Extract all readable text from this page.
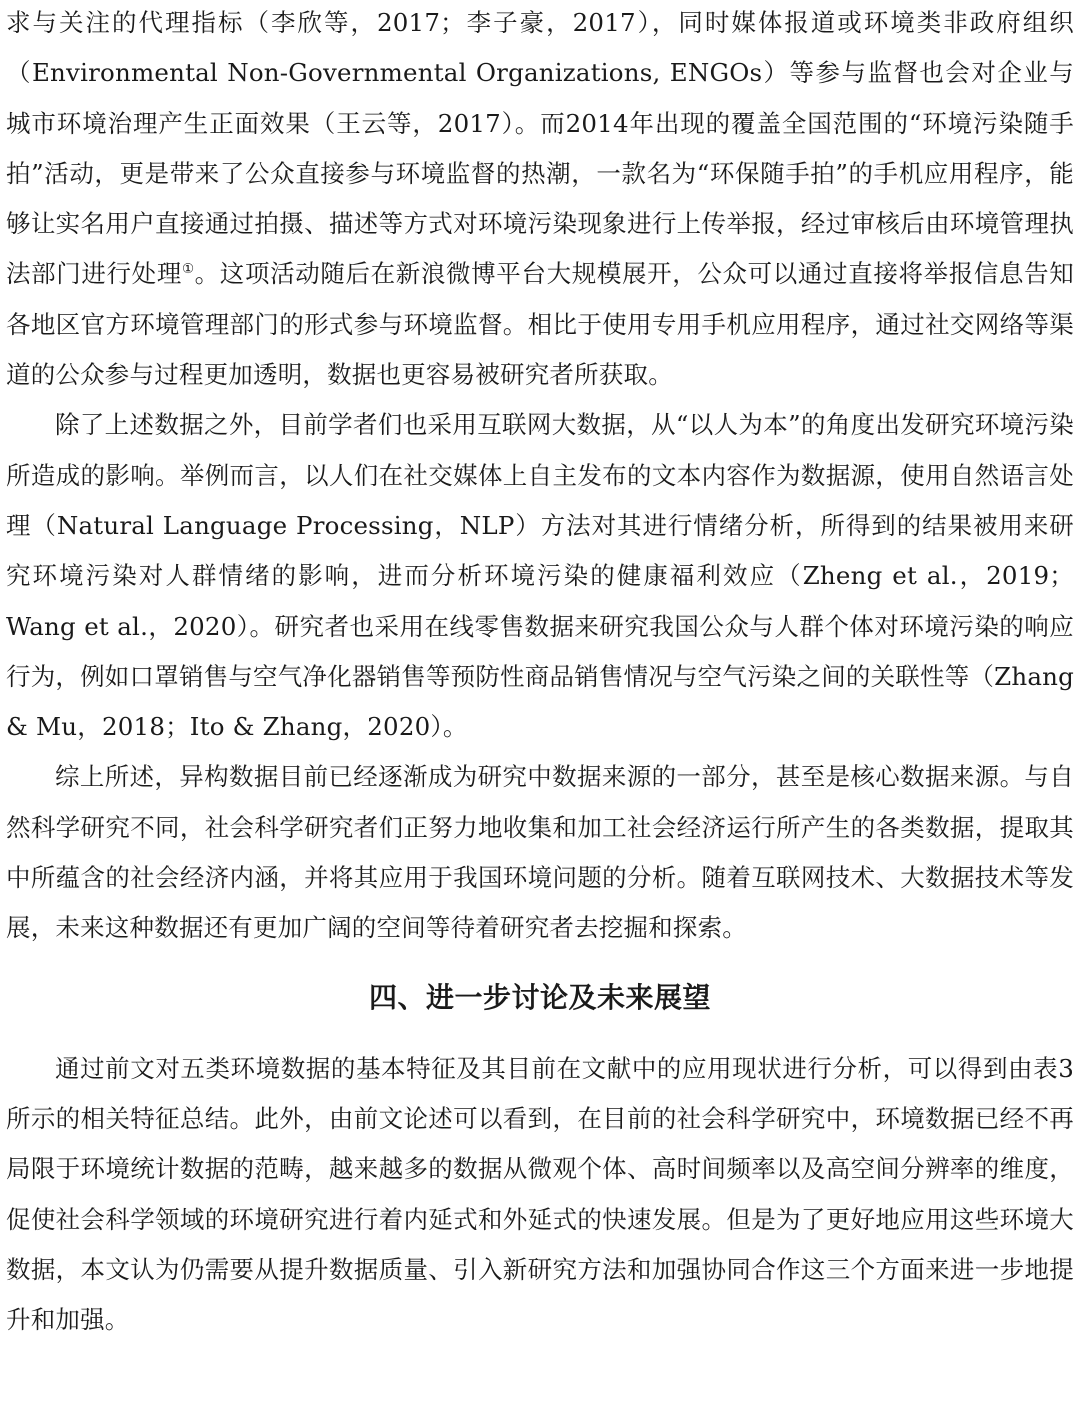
求与关注的代理指标（李欣等，2017；李子豪，2017），同时媒体报道或环境类非政府组织（Environmental Non-Governmental Organizations, ENGOs）等参与监督也会对企业与城市环境治理产生正面效果（王云等，2017）。而2014年出现的覆盖全国范围的“环境污染随手拍”活动，更是带来了公众直接参与环境监督的热潮，一款名为“环保随手拍”的手机应用程序，能够让实名用户直接通过拍摄、描述等方式对环境污染现象进行上传举报，经过审核后由环境管理执法部门进行处理①。这项活动随后在新浪微博平台大规模展开，公众可以通过直接将举报信息告知各地区官方环境管理部门的形式参与环境监督。相比于使用专用手机应用程序，通过社交网络等渠道的公众参与过程更加透明，数据也更容易被研究者所获取。

除了上述数据之外，目前学者们也采用互联网大数据，从“以人为本”的角度出发研究环境污染所造成的影响。举例而言，以人们在社交媒体上自主发布的文本内容作为数据源，使用自然语言处理（Natural Language Processing，NLP）方法对其进行情绪分析，所得到的结果被用来研究环境污染对人群情绪的影响，进而分析环境污染的健康福利效应（Zheng et al.，2019；Wang et al.，2020）。研究者也采用在线零售数据来研究我国公众与人群个体对环境污染的响应行为，例如口罩销售与空气净化器销售等预防性商品销售情况与空气污染之间的关联性等（Zhang & Mu，2018；Ito & Zhang，2020）。

综上所述，异构数据目前已经逐渐成为研究中数据来源的一部分，甚至是核心数据来源。与自然科学研究不同，社会科学研究者们正努力地收集和加工社会经济运行所产生的各类数据，提取其中所蕴含的社会经济内涵，并将其应用于我国环境问题的分析。随着互联网技术、大数据技术等发展，未来这种数据还有更加广阔的空间等待着研究者去挖掘和探索。

四、进一步讨论及未来展望

通过前文对五类环境数据的基本特征及其目前在文献中的应用现状进行分析，可以得到由表3所示的相关特征总结。此外，由前文论述可以看到，在目前的社会科学研究中，环境数据已经不再局限于环境统计数据的范畴，越来越多的数据从微观个体、高时间频率以及高空间分辨率的维度，促使社会科学领域的环境研究进行着内延式和外延式的快速发展。但是为了更好地应用这些环境大数据，本文认为仍需要从提升数据质量、引入新研究方法和加强协同合作这三个方面来进一步地提升和加强。
